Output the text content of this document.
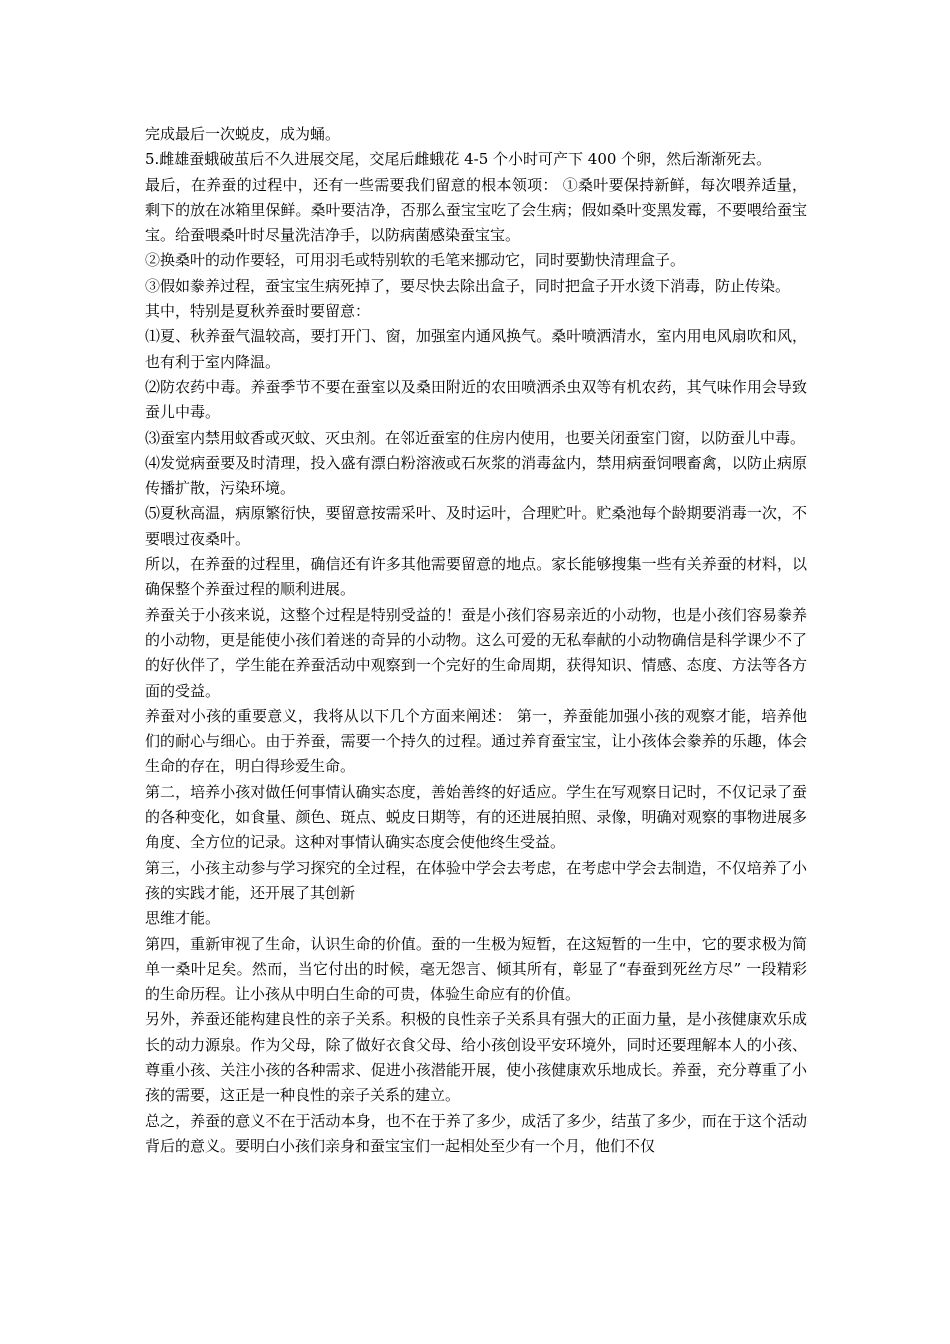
完成最后一次蜕皮，成为蛹。

5.雌雄蚕蛾破茧后不久进展交尾，交尾后雌蛾花 4-5 个小时可产下 400 个卵，然后渐渐死去。

最后，在养蚕的过程中，还有一些需要我们留意的根本领项： ①桑叶要保持新鲜，每次喂养适量，剩下的放在冰箱里保鲜。桑叶要洁净，否那么蚕宝宝吃了会生病；假如桑叶变黑发霉，不要喂给蚕宝宝。给蚕喂桑叶时尽量洗洁净手，以防病菌感染蚕宝宝。

②换桑叶的动作要轻，可用羽毛或特别软的毛笔来挪动它，同时要勤快清理盒子。

③假如豢养过程，蚕宝宝生病死掉了，要尽快去除出盒子，同时把盒子开水烫下消毒，防止传染。

其中，特别是夏秋养蚕时要留意：

⑴夏、秋养蚕气温较高，要打开门、窗，加强室内通风换气。桑叶喷洒清水，室内用电风扇吹和风，也有利于室内降温。

⑵防农药中毒。养蚕季节不要在蚕室以及桑田附近的农田喷洒杀虫双等有机农药，其气味作用会导致蚕儿中毒。

⑶蚕室内禁用蚊香或灭蚊、灭虫剂。在邻近蚕室的住房内使用，也要关闭蚕室门窗，以防蚕儿中毒。

⑷发觉病蚕要及时清理，投入盛有漂白粉溶液或石灰浆的消毒盆内，禁用病蚕饲喂畜禽，以防止病原传播扩散，污染环境。

⑸夏秋高温，病原繁衍快，要留意按需采叶、及时运叶，合理贮叶。贮桑池每个龄期要消毒一次，不要喂过夜桑叶。

所以，在养蚕的过程里，确信还有许多其他需要留意的地点。家长能够搜集一些有关养蚕的材料，以确保整个养蚕过程的顺利进展。

养蚕关于小孩来说，这整个过程是特别受益的！蚕是小孩们容易亲近的小动物，也是小孩们容易豢养的小动物，更是能使小孩们着迷的奇异的小动物。这么可爱的无私奉献的小动物确信是科学课少不了的好伙伴了，学生能在养蚕活动中观察到一个完好的生命周期，获得知识、情感、态度、方法等各方面的受益。

养蚕对小孩的重要意义，我将从以下几个方面来阐述： 第一，养蚕能加强小孩的观察才能，培养他们的耐心与细心。由于养蚕，需要一个持久的过程。通过养育蚕宝宝，让小孩体会豢养的乐趣，体会生命的存在，明白得珍爱生命。

第二，培养小孩对做任何事情认确实态度，善始善终的好适应。学生在写观察日记时，不仅记录了蚕的各种变化，如食量、颜色、斑点、蜕皮日期等，有的还进展拍照、录像，明确对观察的事物进展多角度、全方位的记录。这种对事情认确实态度会使他终生受益。

第三，小孩主动参与学习探究的全过程，在体验中学会去考虑，在考虑中学会去制造，不仅培养了小孩的实践才能，还开展了其创新

思维才能。

第四，重新审视了生命，认识生命的价值。蚕的一生极为短暂，在这短暂的一生中，它的要求极为简单一桑叶足矣。然而，当它付出的时候，毫无怨言、倾其所有，彰显了“春蚕到死丝方尽” 一段精彩的生命历程。让小孩从中明白生命的可贵，体验生命应有的价值。

另外，养蚕还能构建良性的亲子关系。积极的良性亲子关系具有强大的正面力量，是小孩健康欢乐成长的动力源泉。作为父母，除了做好衣食父母、给小孩创设平安环境外，同时还要理解本人的小孩、尊重小孩、关注小孩的各种需求、促进小孩潜能开展，使小孩健康欢乐地成长。养蚕，充分尊重了小孩的需要，这正是一种良性的亲子关系的建立。

总之，养蚕的意义不在于活动本身，也不在于养了多少，成活了多少，结茧了多少，而在于这个活动背后的意义。要明白小孩们亲身和蚕宝宝们一起相处至少有一个月，他们不仅
